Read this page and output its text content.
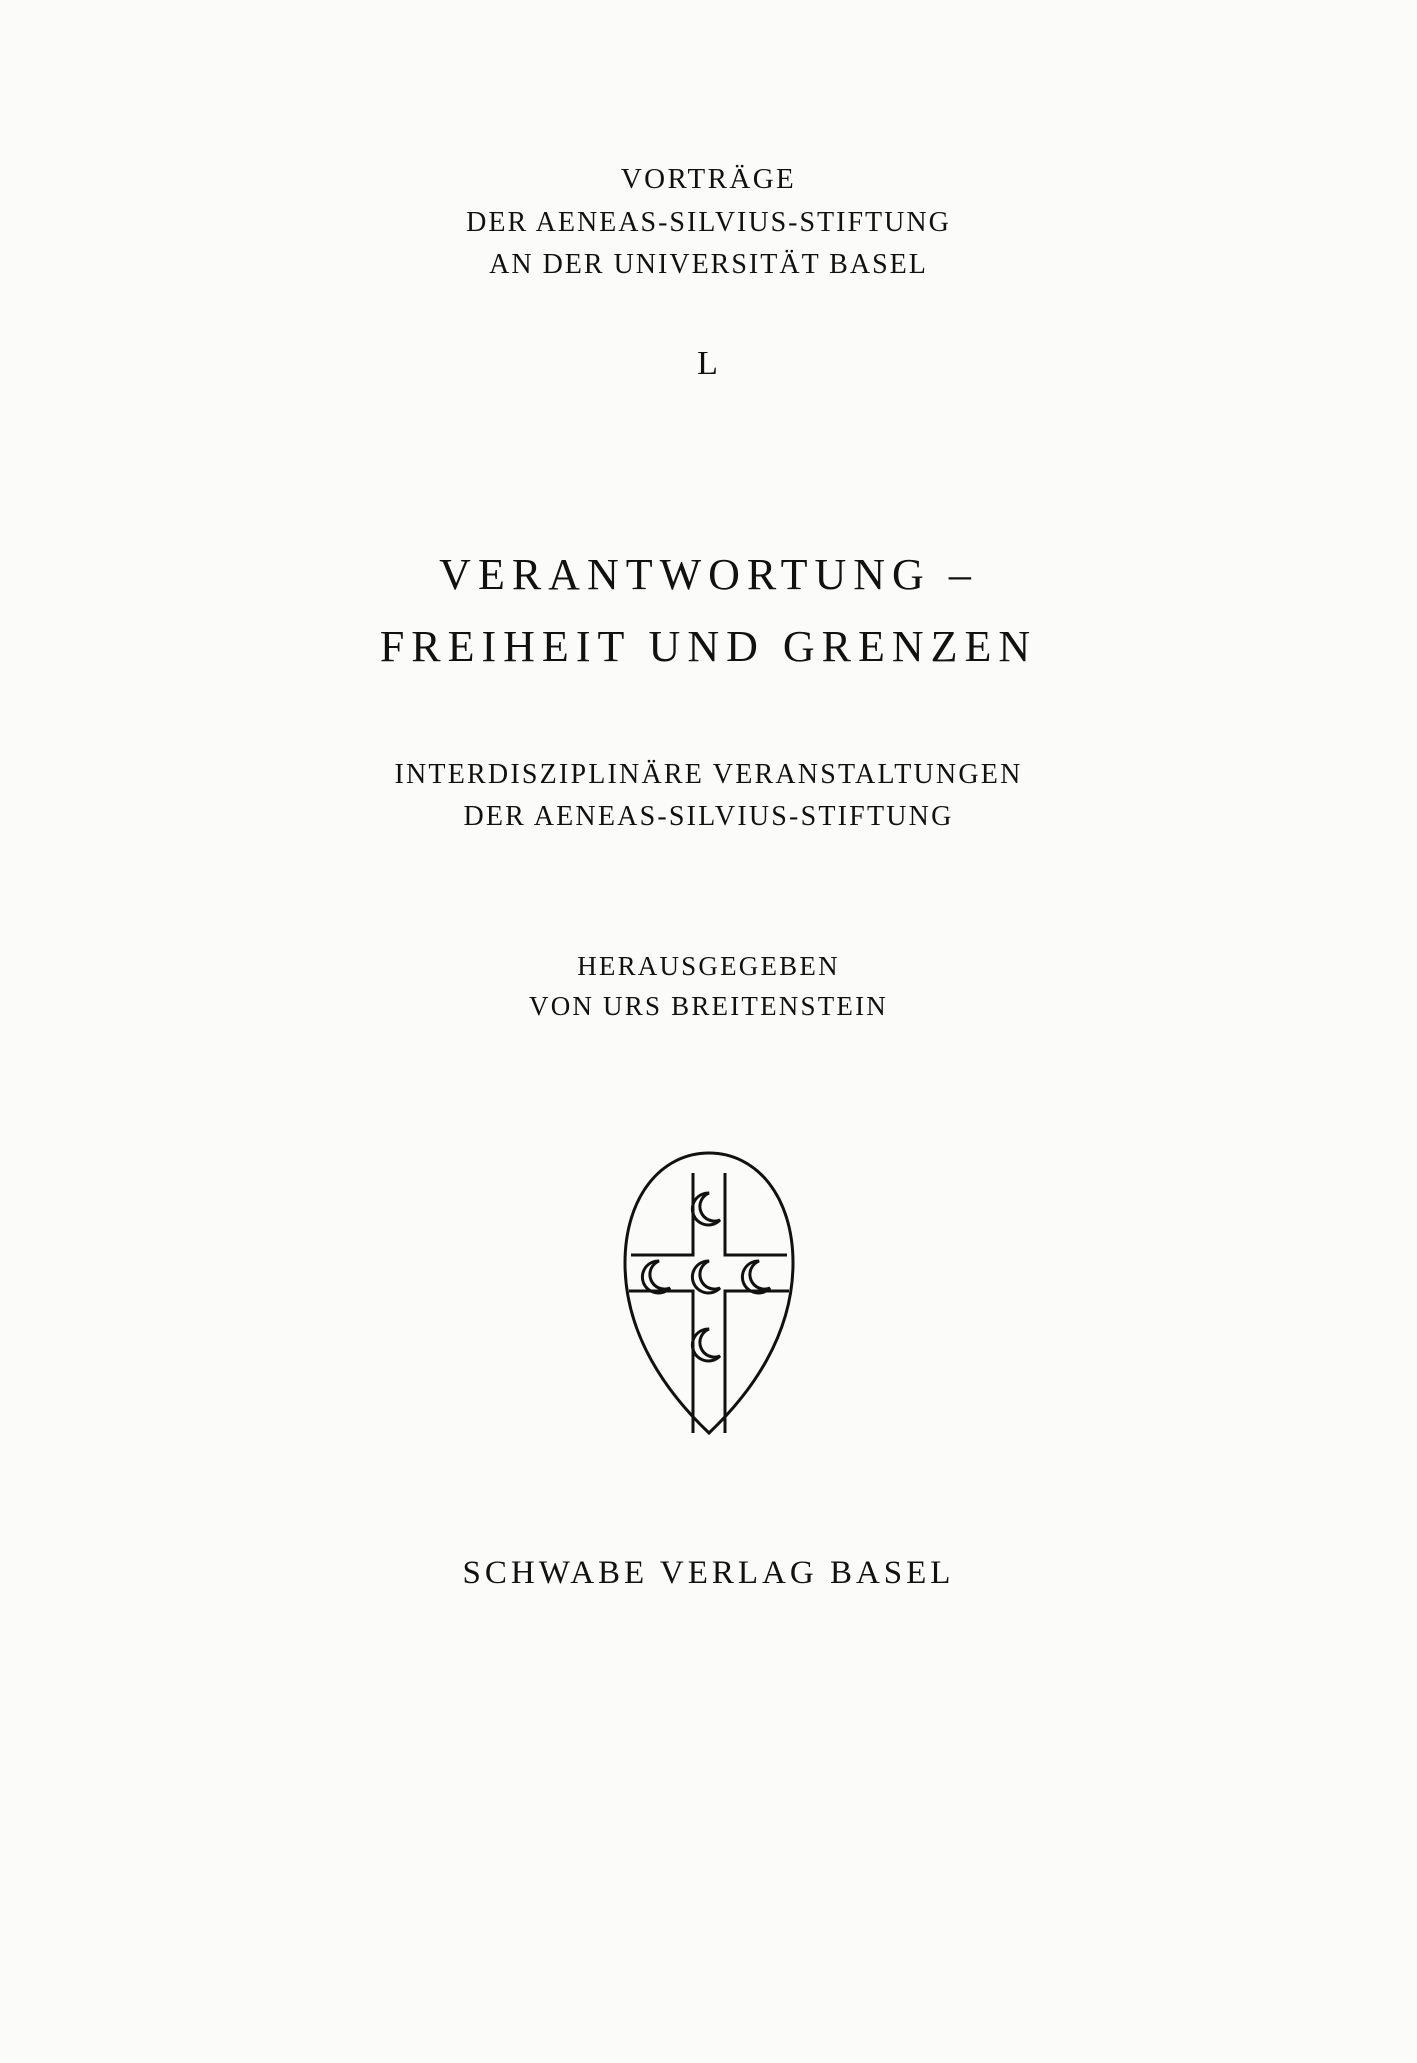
VORTRÄGE
DER AENEAS-SILVIUS-STIFTUNG
AN DER UNIVERSITÄT BASEL
L
VERANTWORTUNG –
FREIHEIT UND GRENZEN
INTERDISZIPLINÄRE VERANSTALTUNGEN
DER AENEAS-SILVIUS-STIFTUNG
HERAUSGEGEBEN
VON URS BREITENSTEIN
SCHWABE VERLAG BASEL
